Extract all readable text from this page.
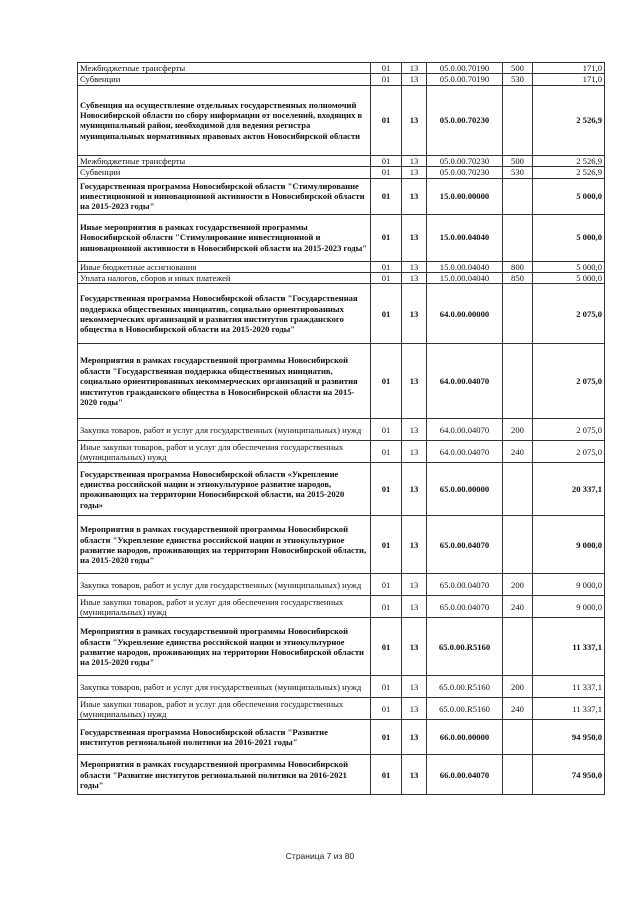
Межбюджетные трансферты	01	13	05.0.00.70190	500	171,0
Субвенции	01	13	05.0.00.70190	530	171,0
Субвенция на осуществление отдельных государственных полномочий Новосибирской области по сбору информации от поселений, входящих в муниципальный район, необходимой для ведения регистра муниципальных нормативных правовых актов Новосибирской области	01	13	05.0.00.70230		2 526,9
Межбюджетные трансферты	01	13	05.0.00.70230	500	2 526,9
Субвенции	01	13	05.0.00.70230	530	2 526,9
Государственная программа Новосибирской области "Стимулирование инвестиционной и инновационной активности в Новосибирской области на 2015-2023 годы"	01	13	15.0.00.00000		5 000,0
Иные мероприятия в рамках государственной программы Новосибирской области "Стимулирование инвестиционной и инновационной активности в Новосибирской области на 2015-2023 годы"	01	13	15.0.00.04040		5 000,0
Иные бюджетные ассигнования	01	13	15.0.00.04040	800	5 000,0
Уплата налогов, сборов и иных платежей	01	13	15.0.00.04040	850	5 000,0
Государственная программа Новосибирской области "Государственная поддержка общественных инициатив, социально ориентированных некоммерческих организаций и развития институтов гражданского общества в Новосибирской области на 2015-2020 годы"	01	13	64.0.00.00000		2 075,0
Мероприятия в рамках государственной программы Новосибирской области "Государственная поддержка общественных инициатив, социально ориентированных некоммерческих организаций и развития институтов гражданского общества в Новосибирской области на 2015-2020 годы"	01	13	64.0.00.04070		2 075,0
Закупка товаров, работ и услуг для государственных (муниципальных) нужд	01	13	64.0.00.04070	200	2 075,0
Иные закупки товаров, работ и услуг для обеспечения государственных (муниципальных) нужд	01	13	64.0.00.04070	240	2 075,0
Государственная программа Новосибирской области «Укрепление единства российской нации и этнокультурное развитие народов, проживающих на территории Новосибирской области, на 2015-2020 годы»	01	13	65.0.00.00000		20 337,1
Мероприятия в рамках государственной программы Новосибирской области "Укрепление единства российской нации и этнокультурное развитие народов, проживающих на территории Новосибирской области, на 2015-2020 годы"	01	13	65.0.00.04070		9 000,0
Закупка товаров, работ и услуг для государственных (муниципальных) нужд	01	13	65.0.00.04070	200	9 000,0
Иные закупки товаров, работ и услуг для обеспечения государственных (муниципальных) нужд	01	13	65.0.00.04070	240	9 000,0
Мероприятия в рамках государственной программы Новосибирской области "Укрепление единства российской нации и этнокультурное развитие народов, проживающих на территории Новосибирской области на 2015-2020 годы"	01	13	65.0.00.R5160		11 337,1
Закупка товаров, работ и услуг для государственных (муниципальных) нужд	01	13	65.0.00.R5160	200	11 337,1
Иные закупки товаров, работ и услуг для обеспечения государственных (муниципальных) нужд	01	13	65.0.00.R5160	240	11 337,1
Государственная программа Новосибирской области "Развитие институтов региональной политики на 2016-2021 годы"	01	13	66.0.00.00000		94 950,0
Мероприятия в рамках государственной программы Новосибирской области "Развитие институтов региональной политики на 2016-2021 годы"	01	13	66.0.00.04070		74 950,0
Страница 7 из 80
